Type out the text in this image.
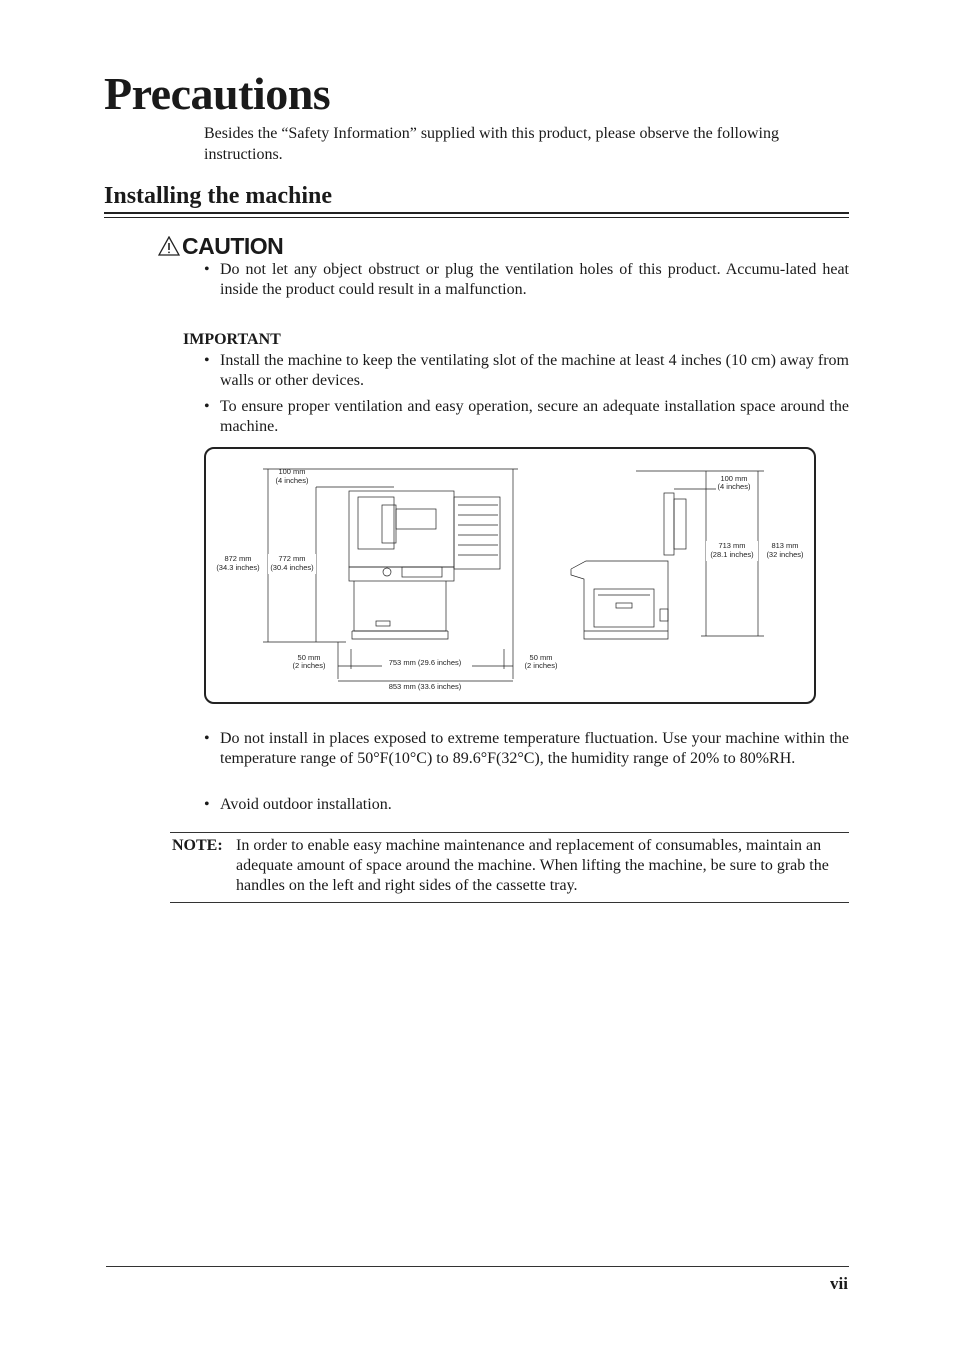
Precautions

Besides the “Safety Information” supplied with this product, please observe the following instructions.

Installing the machine
CAUTION
• Do not let any object obstruct or plug the ventilation holes of this product. Accumu-lated heat inside the product could result in a malfunction.

IMPORTANT

• Install the machine to keep the ventilating slot of the machine at least 4 inches (10 cm) away from walls or other devices.
• To ensure proper ventilation and easy operation, secure an adequate installation space around the machine.
100 mm
(4 inches)
872 mm
(34.3 inches)
772 mm
(30.4 inches)
50 mm
(2 inches)	753 mm (29.6 inches)
50 mm
(2 inches)
853 mm (33.6 inches)
100 mm
(4 inches)
713 mm
(28.1 inches)
813 mm
(32 inches)
• Do not install in places exposed to extreme temperature fluctuation. Use your machine within the temperature range of 50°F(10°C) to 89.6°F(32°C), the humidity range of 20% to 80%RH.
• Avoid outdoor installation.
NOTE: In order to enable easy machine maintenance and replacement of consumables, maintain an adequate amount of space around the machine. When lifting the machine, be sure to grab the handles on the left and right sides of the cassette tray.
vii
